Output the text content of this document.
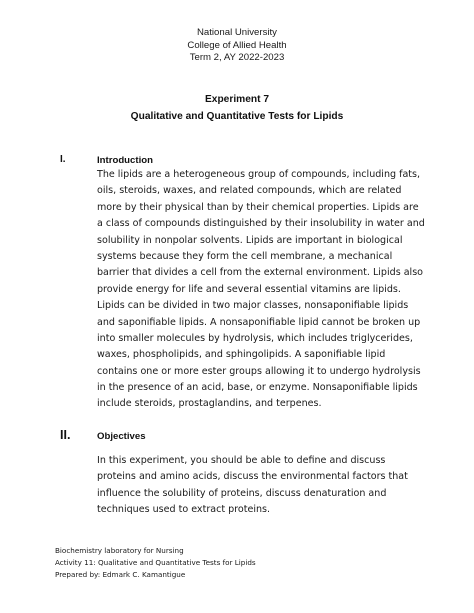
National University
College of Allied Health
Term 2, AY 2022-2023
Experiment 7
Qualitative and Quantitative Tests for Lipids
I.	Introduction
The lipids are a heterogeneous group of compounds, including fats,
oils, steroids, waxes, and related compounds, which are related
more by their physical than by their chemical properties. Lipids are
a class of compounds distinguished by their insolubility in water and
solubility in nonpolar solvents. Lipids are important in biological
systems because they form the cell membrane, a mechanical
barrier that divides a cell from the external environment. Lipids also
provide energy for life and several essential vitamins are lipids.
Lipids can be divided in two major classes, nonsaponifiable lipids
and saponifiable lipids. A nonsaponifiable lipid cannot be broken up
into smaller molecules by hydrolysis, which includes triglycerides,
waxes, phospholipids, and sphingolipids. A saponifiable lipid
contains one or more ester groups allowing it to undergo hydrolysis
in the presence of an acid, base, or enzyme. Nonsaponifiable lipids
include steroids, prostaglandins, and terpenes.
II.	Objectives
In this experiment, you should be able to define and discuss
proteins and amino acids, discuss the environmental factors that
influence the solubility of proteins, discuss denaturation and
techniques used to extract proteins.
Biochemistry laboratory for Nursing
Activity 11: Qualitative and Quantitative Tests for Lipids
Prepared by: Edmark C. Kamantigue
